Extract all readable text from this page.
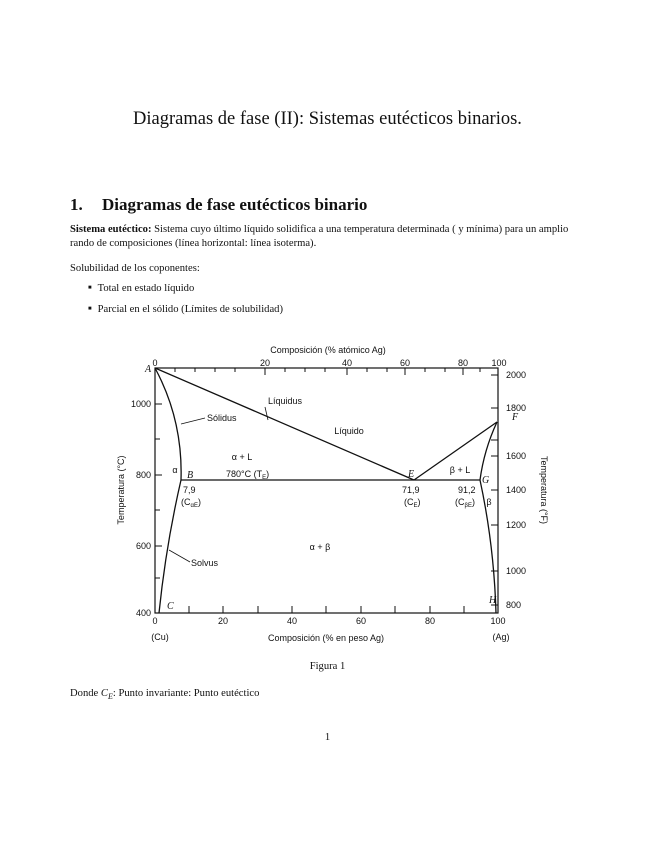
Diagramas de fase (II): Sistemas eutécticos binarios.
1. Diagramas de fase eutécticos binario
Sistema eutéctico: Sistema cuyo último líquido solidifica a una temperatura determinada ( y mínima) para un amplio rando de composiciones (línea horizontal: línea isoterma).
Solubilidad de los coponentes:
■ Total en estado líquido
■ Parcial en el sólido (Límites de solubilidad)
Composición (% atómico Ag)
Composición (% en peso Ag)
Temperatura (°C)	Temperatura (°F)
0	20	40	60	80	100
0	20	40	60	80	100
400
600
800
1000
800
1000
1200
1400
1600
1800
2000
(Cu)	(Ag)
A
B
C
E
F
G
H
Líquido
α + L
β + L
α + β
α
β
Líquidus
Sólidus
Solvus
780°C $(T_E)$
7,9
$(C_{\alpha E})$
71,9
$(C_E)$
91,2
$(C_{\beta E})$
Figura 1
Donde $C_E$: Punto invariante: Punto eutéctico
1
